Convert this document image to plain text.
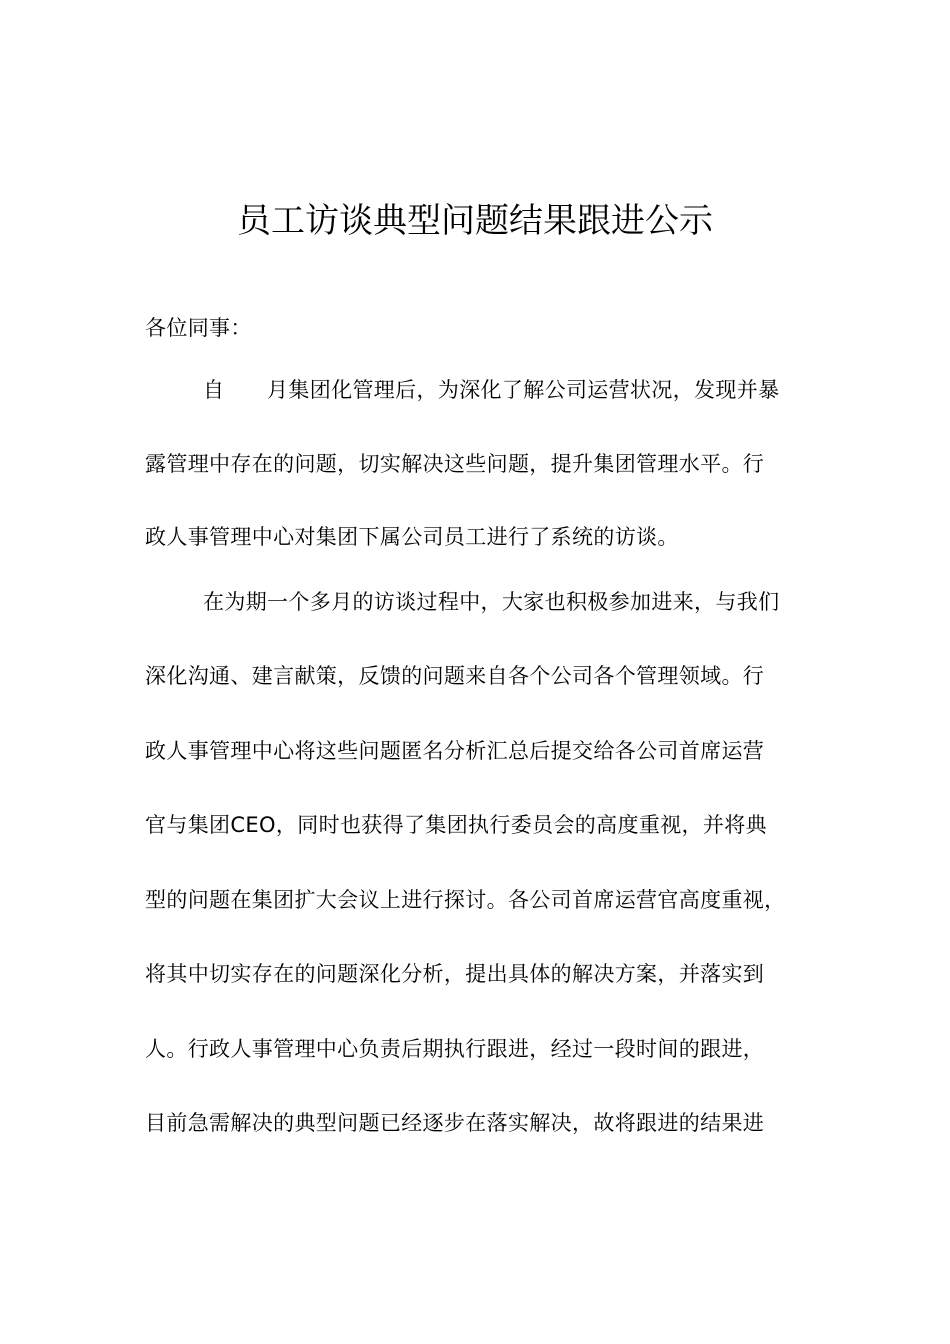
员工访谈典型问题结果跟进公示
各位同事：
自　　月集团化管理后，为深化了解公司运营状况，发现并暴
露管理中存在的问题，切实解决这些问题，提升集团管理水平。行
政人事管理中心对集团下属公司员工进行了系统的访谈。
在为期一个多月的访谈过程中，大家也积极参加进来，与我们
深化沟通、建言献策，反馈的问题来自各个公司各个管理领域。行
政人事管理中心将这些问题匿名分析汇总后提交给各公司首席运营
官与集团CEO，同时也获得了集团执行委员会的高度重视，并将典
型的问题在集团扩大会议上进行探讨。各公司首席运营官高度重视，
将其中切实存在的问题深化分析，提出具体的解决方案，并落实到
人。行政人事管理中心负责后期执行跟进，经过一段时间的跟进，
目前急需解决的典型问题已经逐步在落实解决，故将跟进的结果进
